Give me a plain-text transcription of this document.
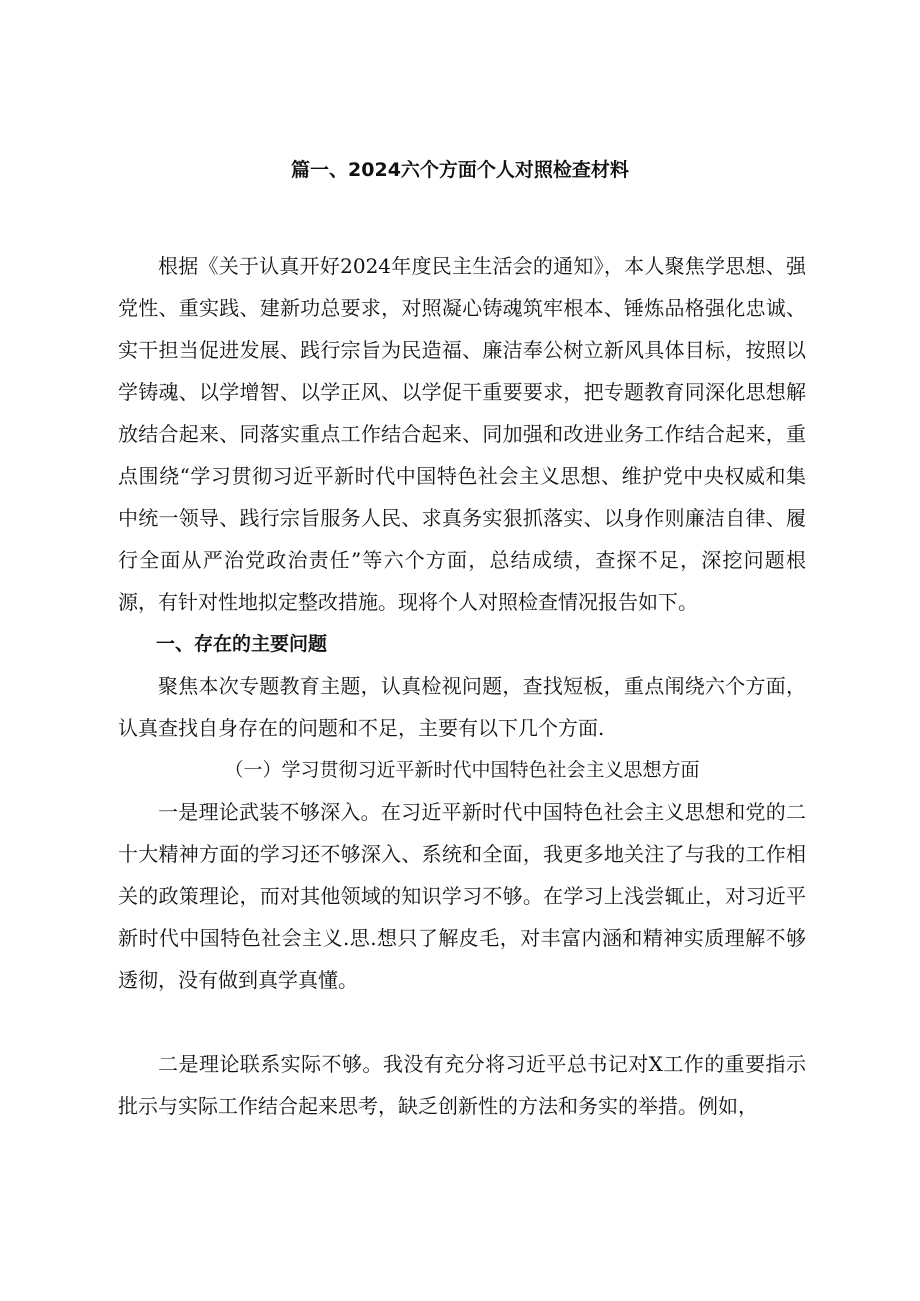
篇一、2024六个方面个人对照检查材料

根据《关于认真开好2024年度民主生活会的通知》，本人聚焦学思想、强党性、重实践、建新功总要求，对照凝心铸魂筑牢根本、锤炼品格强化忠诚、实干担当促进发展、践行宗旨为民造福、廉洁奉公树立新风具体目标，按照以学铸魂、以学增智、以学正风、以学促干重要要求，把专题教育同深化思想解放结合起来、同落实重点工作结合起来、同加强和改进业务工作结合起来，重点围绕“学习贯彻习近平新时代中国特色社会主义思想、维护党中央权威和集中统一领导、践行宗旨服务人民、求真务实狠抓落实、以身作则廉洁自律、履行全面从严治党政治责任”等六个方面，总结成绩，查探不足，深挖问题根源，有针对性地拟定整改措施。现将个人对照检查情况报告如下。

一、存在的主要问题

聚焦本次专题教育主题，认真检视问题，查找短板，重点闱绕六个方面，认真查找自身存在的问题和不足，主要有以下几个方面.

（一）学习贯彻习近平新时代中国特色社会主义思想方面

一是理论武装不够深入。在习近平新时代中国特色社会主义思想和党的二十大精神方面的学习还不够深入、系统和全面，我更多地关注了与我的工作相关的政策理论，而对其他领域的知识学习不够。在学习上浅尝辄止，对习近平新时代中国特色社会主义.思.想只了解皮毛，对丰富内涵和精神实质理解不够透彻，没有做到真学真懂。

二是理论联系实际不够。我没有充分将习近平总书记对X工作的重要指示批示与实际工作结合起来思考，缺乏创新性的方法和务实的举措。例如，
